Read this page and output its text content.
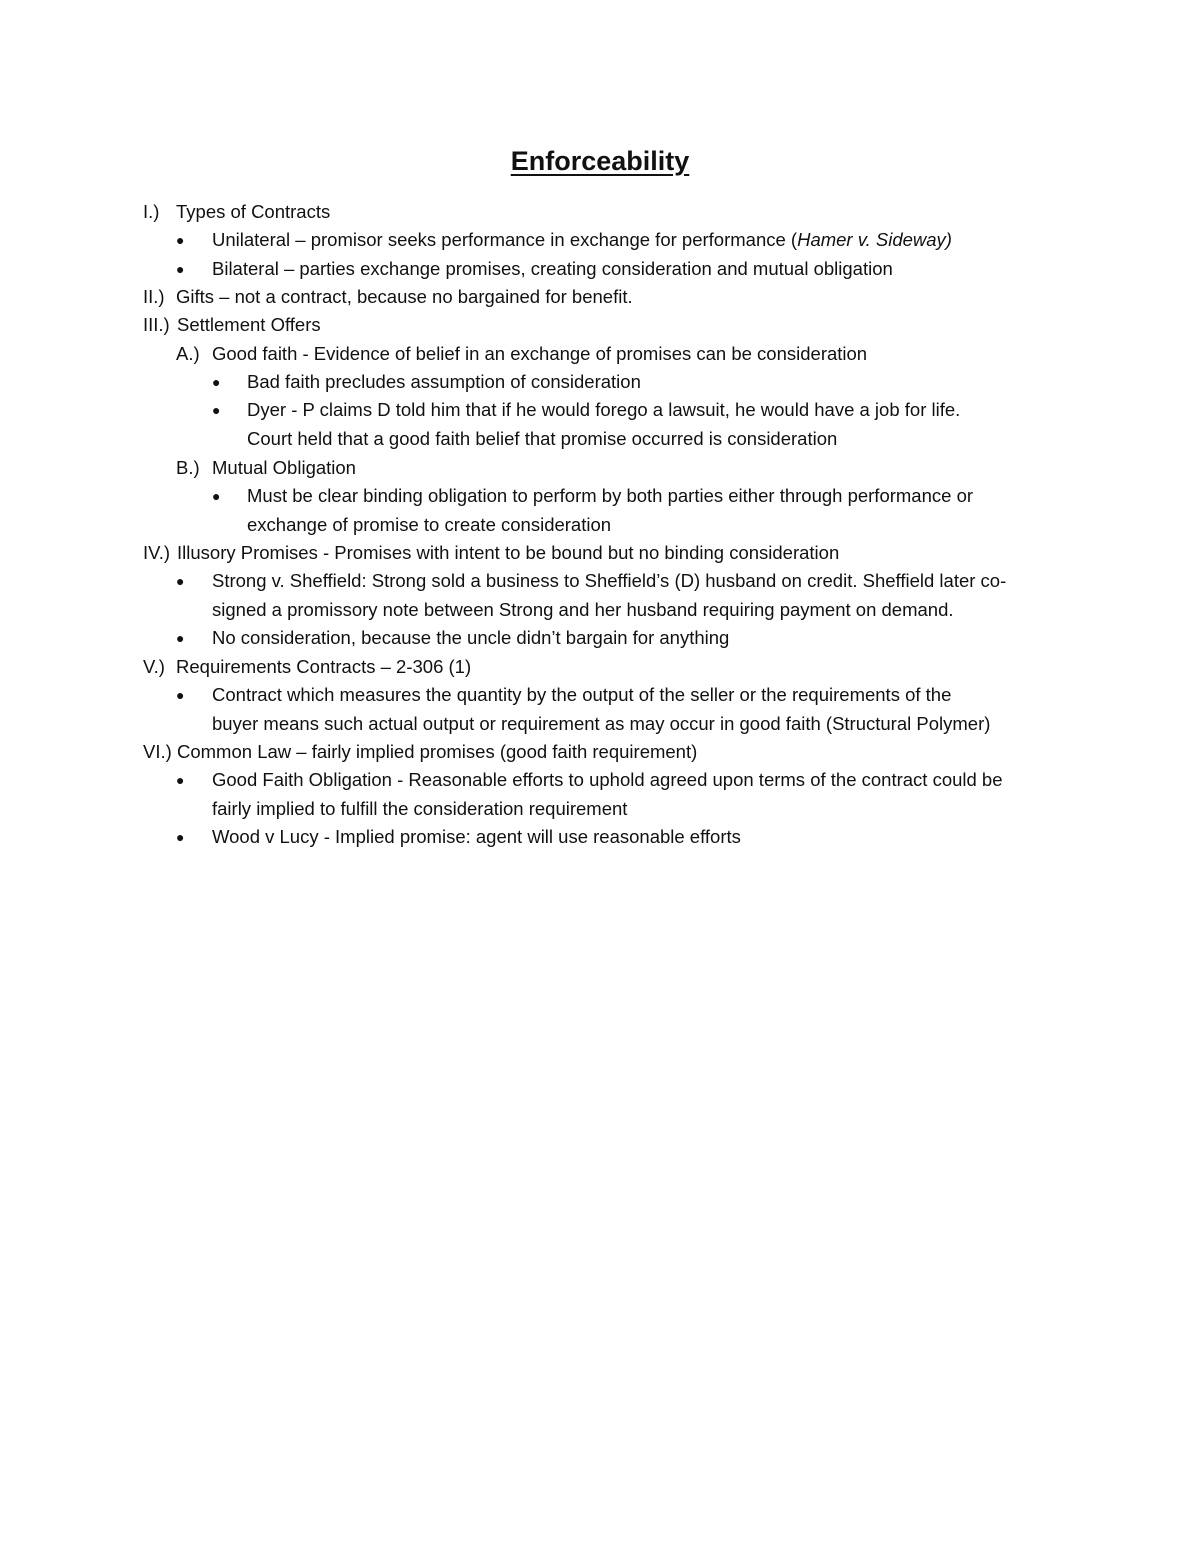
Enforceability
I.) Types of Contracts
● Unilateral – promisor seeks performance in exchange for performance (Hamer v. Sideway)
● Bilateral – parties exchange promises, creating consideration and mutual obligation
II.) Gifts – not a contract, because no bargained for benefit.
III.) Settlement Offers
A.) Good faith - Evidence of belief in an exchange of promises can be consideration
● Bad faith precludes assumption of consideration
● Dyer - P claims D told him that if he would forego a lawsuit, he would have a job for life.
Court held that a good faith belief that promise occurred is consideration
B.) Mutual Obligation
● Must be clear binding obligation to perform by both parties either through performance or
exchange of promise to create consideration
IV.) Illusory Promises - Promises with intent to be bound but no binding consideration
● Strong v. Sheffield: Strong sold a business to Sheffield’s (D) husband on credit. Sheffield later co-
signed a promissory note between Strong and her husband requiring payment on demand.
● No consideration, because the uncle didn’t bargain for anything
V.) Requirements Contracts – 2-306 (1)
● Contract which measures the quantity by the output of the seller or the requirements of the
buyer means such actual output or requirement as may occur in good faith (Structural Polymer)
VI.) Common Law – fairly implied promises (good faith requirement)
● Good Faith Obligation - Reasonable efforts to uphold agreed upon terms of the contract could be
fairly implied to fulfill the consideration requirement
● Wood v Lucy - Implied promise: agent will use reasonable efforts
